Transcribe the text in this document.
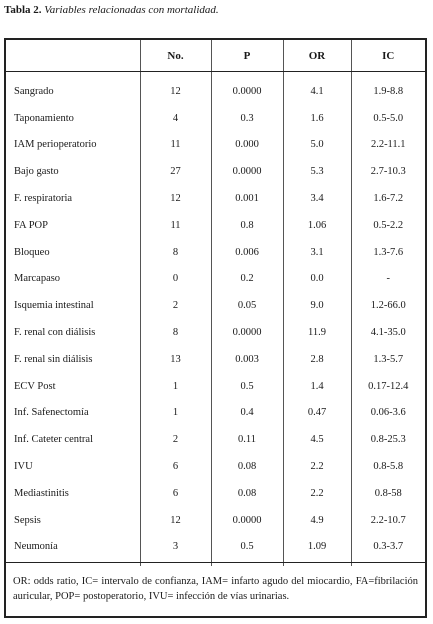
Tabla 2. Variables relacionadas con mortalidad.
	No.	P	OR	IC
Sangrado	12	0.0000	4.1	1.9-8.8
Taponamiento	4	0.3	1.6	0.5-5.0
IAM perioperatorio	11	0.000	5.0	2.2-11.1
Bajo gasto	27	0.0000	5.3	2.7-10.3
F. respiratoria	12	0.001	3.4	1.6-7.2
FA POP	11	0.8	1.06	0.5-2.2
Bloqueo	8	0.006	3.1	1.3-7.6
Marcapaso	0	0.2	0.0	-
Isquemia intestinal	2	0.05	9.0	1.2-66.0
F. renal con diálisis	8	0.0000	11.9	4.1-35.0
F. renal sin diálisis	13	0.003	2.8	1.3-5.7
ECV Post	1	0.5	1.4	0.17-12.4
Inf. Safenectomía	1	0.4	0.47	0.06-3.6
Inf. Cateter central	2	0.11	4.5	0.8-25.3
IVU	6	0.08	2.2	0.8-5.8
Mediastinitis	6	0.08	2.2	0.8-58
Sepsis	12	0.0000	4.9	2.2-10.7
Neumonía	3	0.5	1.09	0.3-3.7
OR: odds ratio, IC= intervalo de confianza, IAM= infarto agudo del miocardio, FA=fibrilación auricular, POP= postoperatorio, IVU= infección de vías urinarias.
